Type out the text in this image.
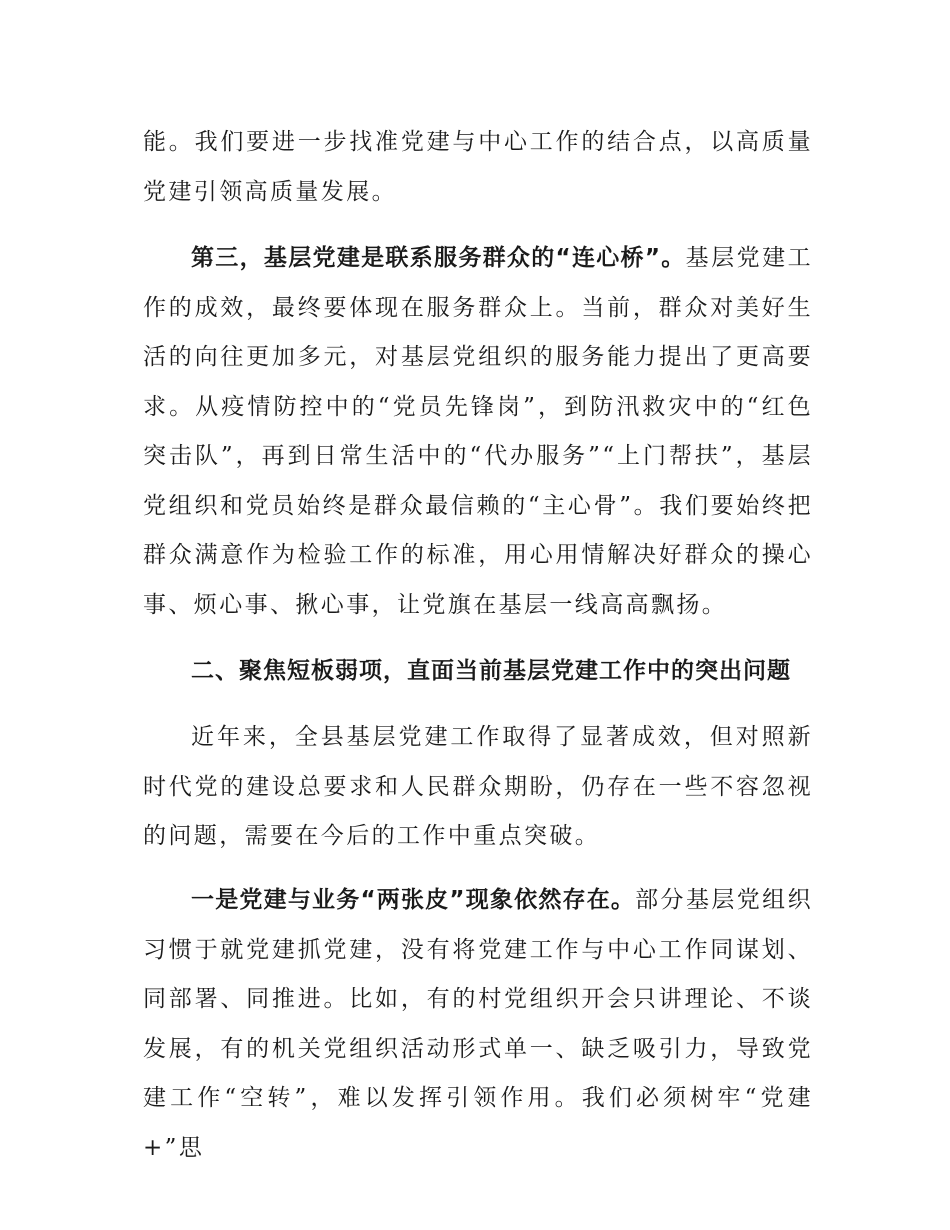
能。我们要进一步找准党建与中心工作的结合点，以高质量党建引领高质量发展。

第三，基层党建是联系服务群众的“连心桥”。基层党建工作的成效，最终要体现在服务群众上。当前，群众对美好生活的向往更加多元，对基层党组织的服务能力提出了更高要求。从疫情防控中的“党员先锋岗”，到防汛救灾中的“红色突击队”，再到日常生活中的“代办服务”“上门帮扶”，基层党组织和党员始终是群众最信赖的“主心骨”。我们要始终把群众满意作为检验工作的标准，用心用情解决好群众的操心事、烦心事、揪心事，让党旗在基层一线高高飘扬。

二、聚焦短板弱项，直面当前基层党建工作中的突出问题

近年来，全县基层党建工作取得了显著成效，但对照新时代党的建设总要求和人民群众期盼，仍存在一些不容忽视的问题，需要在今后的工作中重点突破。

一是党建与业务“两张皮”现象依然存在。部分基层党组织习惯于就党建抓党建，没有将党建工作与中心工作同谋划、同部署、同推进。比如，有的村党组织开会只讲理论、不谈发展，有的机关党组织活动形式单一、缺乏吸引力，导致党建工作“空转”，难以发挥引领作用。我们必须树牢“党建+”思
